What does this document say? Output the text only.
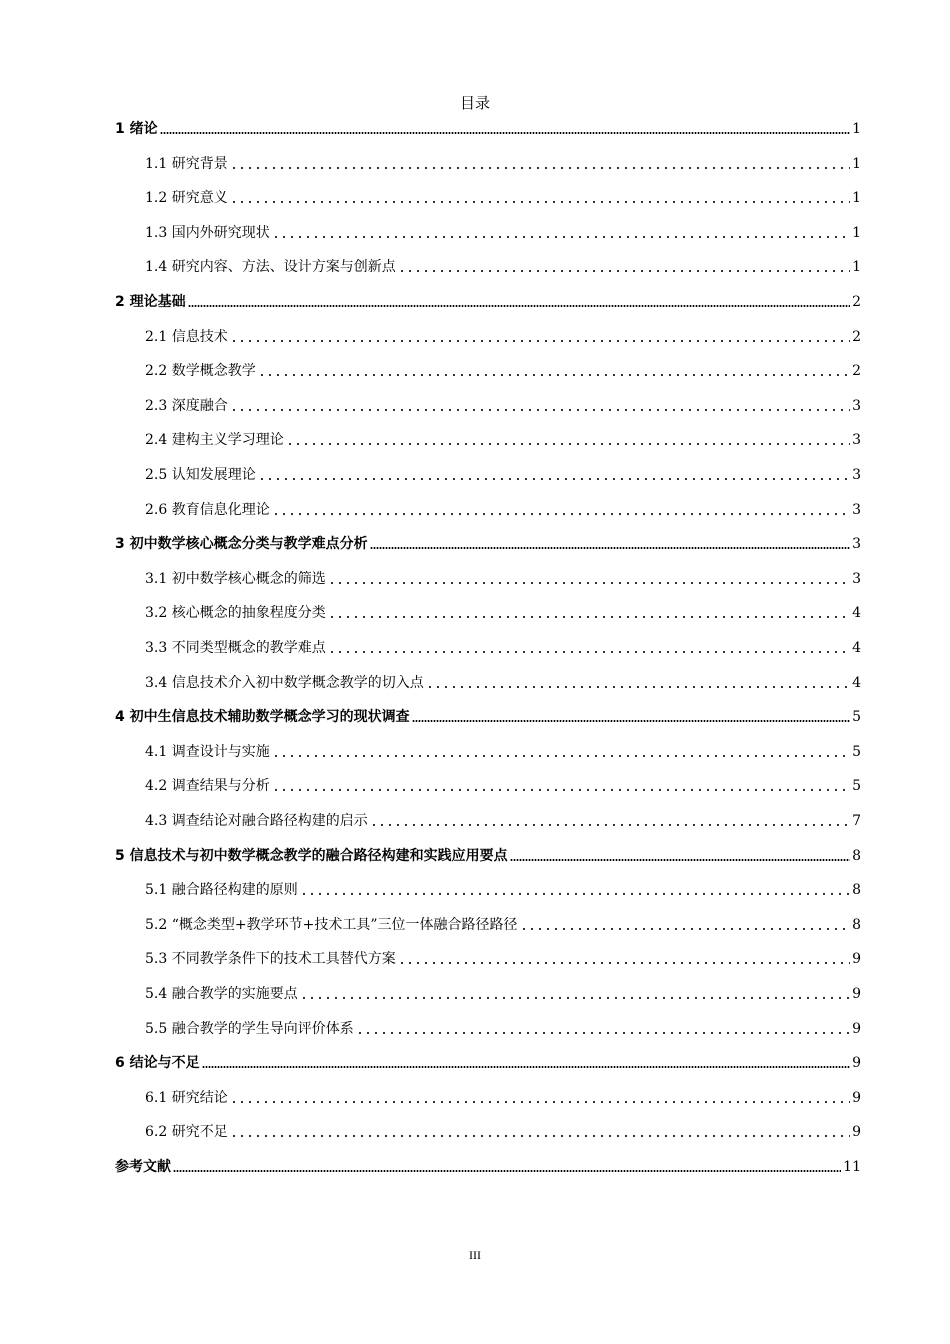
目录
1 绪论	1
1.1 研究背景	1
1.2 研究意义	1
1.3 国内外研究现状	1
1.4 研究内容、方法、设计方案与创新点	1
2 理论基础	2
2.1 信息技术	2
2.2 数学概念教学	2
2.3 深度融合	3
2.4 建构主义学习理论	3
2.5 认知发展理论	3
2.6 教育信息化理论	3
3 初中数学核心概念分类与教学难点分析	3
3.1 初中数学核心概念的筛选	3
3.2 核心概念的抽象程度分类	4
3.3 不同类型概念的教学难点	4
3.4 信息技术介入初中数学概念教学的切入点	4
4 初中生信息技术辅助数学概念学习的现状调查	5
4.1 调查设计与实施	5
4.2 调查结果与分析	5
4.3 调查结论对融合路径构建的启示	7
5 信息技术与初中数学概念教学的融合路径构建和实践应用要点	8
5.1 融合路径构建的原则	8
5.2 “概念类型+教学环节+技术工具”三位一体融合路径路径	8
5.3 不同教学条件下的技术工具替代方案	9
5.4 融合教学的实施要点	9
5.5 融合教学的学生导向评价体系	9
6 结论与不足	9
6.1 研究结论	9
6.2 研究不足	9
参考文献	11
III
